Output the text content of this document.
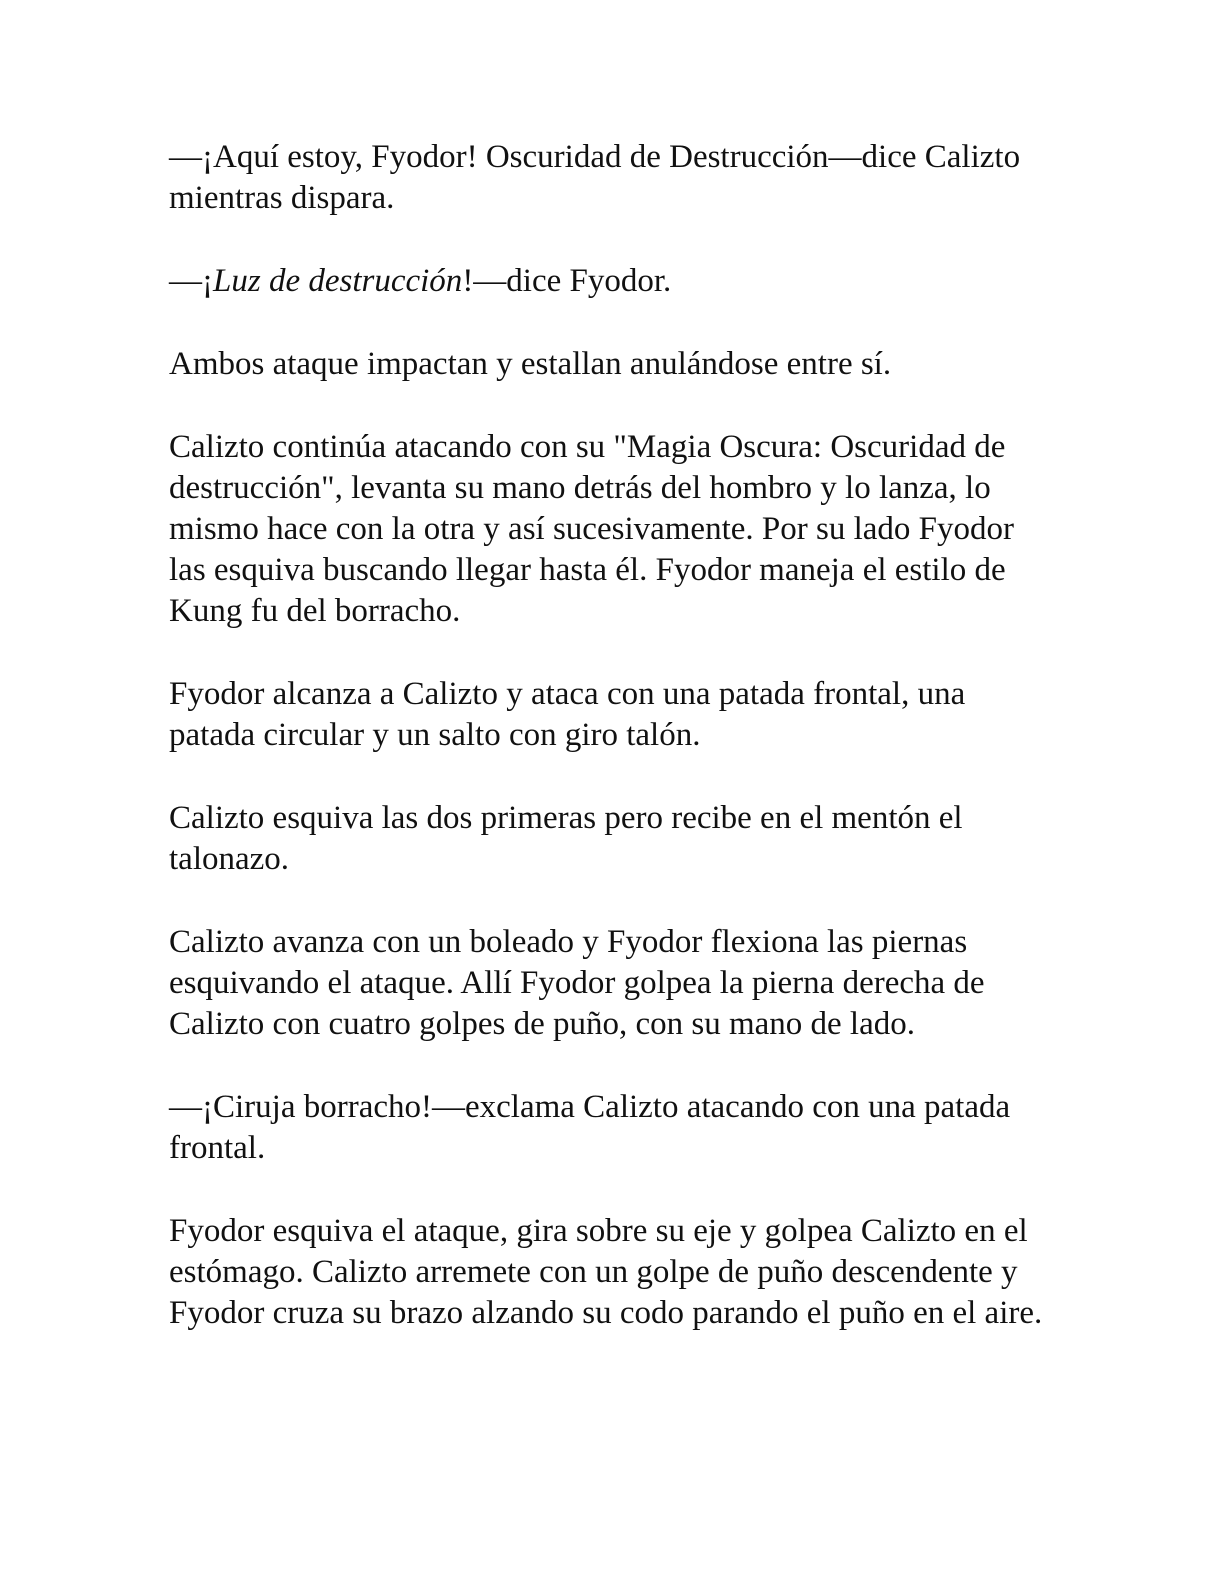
—¡Aquí estoy, Fyodor! Oscuridad de Destrucción—dice Calizto mientras dispara.

—¡Luz de destrucción!—dice Fyodor.

Ambos ataque impactan y estallan anulándose entre sí.

Calizto continúa atacando con su "Magia Oscura: Oscuridad de destrucción", levanta su mano detrás del hombro y lo lanza, lo mismo hace con la otra y así sucesivamente. Por su lado Fyodor las esquiva buscando llegar hasta él. Fyodor maneja el estilo de Kung fu del borracho.

Fyodor alcanza a Calizto y ataca con una patada frontal, una patada circular y un salto con giro talón.

Calizto esquiva las dos primeras pero recibe en el mentón el talonazo.

Calizto avanza con un boleado y Fyodor flexiona las piernas esquivando el ataque. Allí Fyodor golpea la pierna derecha de Calizto con cuatro golpes de puño, con su mano de lado.

—¡Ciruja borracho!—exclama Calizto atacando con una patada frontal.

Fyodor esquiva el ataque, gira sobre su eje y golpea Calizto en el estómago. Calizto arremete con un golpe de puño descendente y Fyodor cruza su brazo alzando su codo parando el puño en el aire.
